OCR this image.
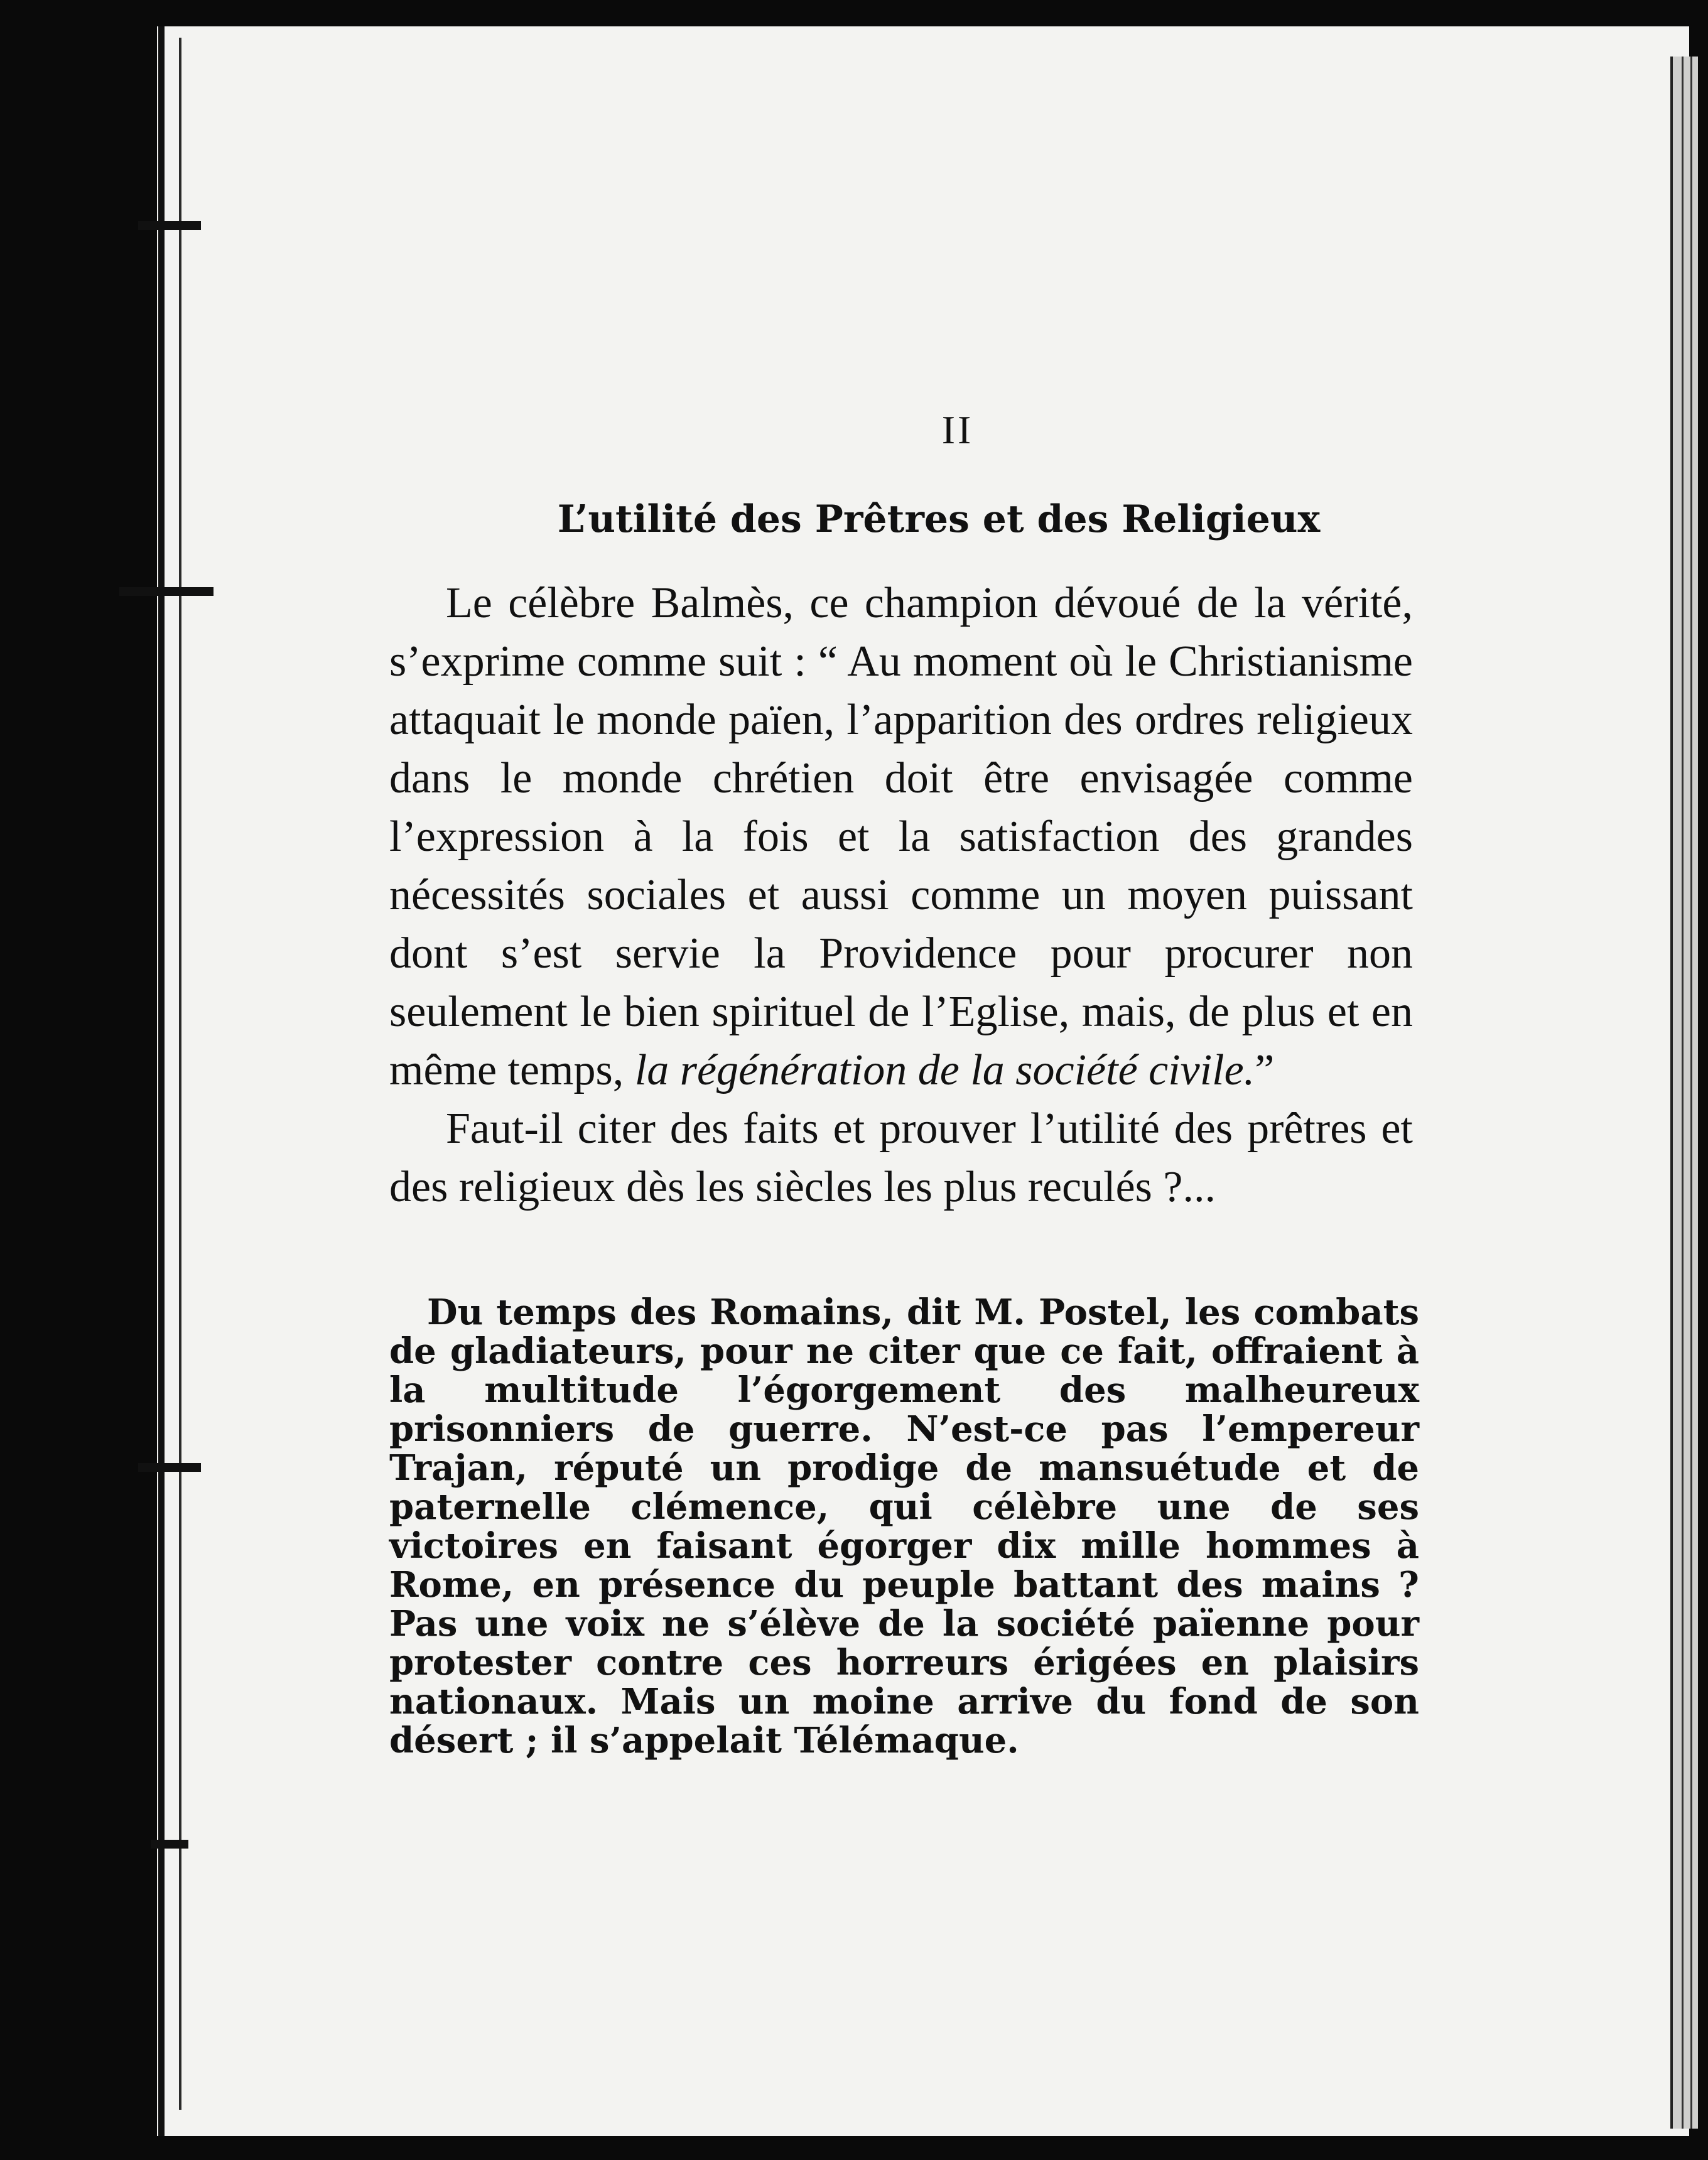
II
L’utilité des Prêtres et des Religieux

Le célèbre Balmès, ce champion dévoué de la vérité, s’exprime comme suit : “ Au moment où le Christianisme attaquait le monde païen, l’apparition des ordres religieux dans le monde chrétien doit être envisagée comme l’expression à la fois et la satisfaction des grandes nécessités sociales et aussi comme un moyen puissant dont s’est servie la Providence pour procurer non seulement le bien spirituel de l’Eglise, mais, de plus et en même temps, la régénération de la société civile.”

Faut-il citer des faits et prouver l’utilité des prêtres et des religieux dès les siècles les plus reculés ?...

Du temps des Romains, dit M. Postel, les combats de gladiateurs, pour ne citer que ce fait, offraient à la multitude l’égorgement des malheureux prisonniers de guerre. N’est-ce pas l’empereur Trajan, réputé un prodige de mansuétude et de paternelle clémence, qui célèbre une de ses victoires en faisant égorger dix mille hommes à Rome, en présence du peuple battant des mains ? Pas une voix ne s’élève de la société païenne pour protester contre ces horreurs érigées en plaisirs nationaux. Mais un moine arrive du fond de son désert ; il s’appelait Télémaque.
